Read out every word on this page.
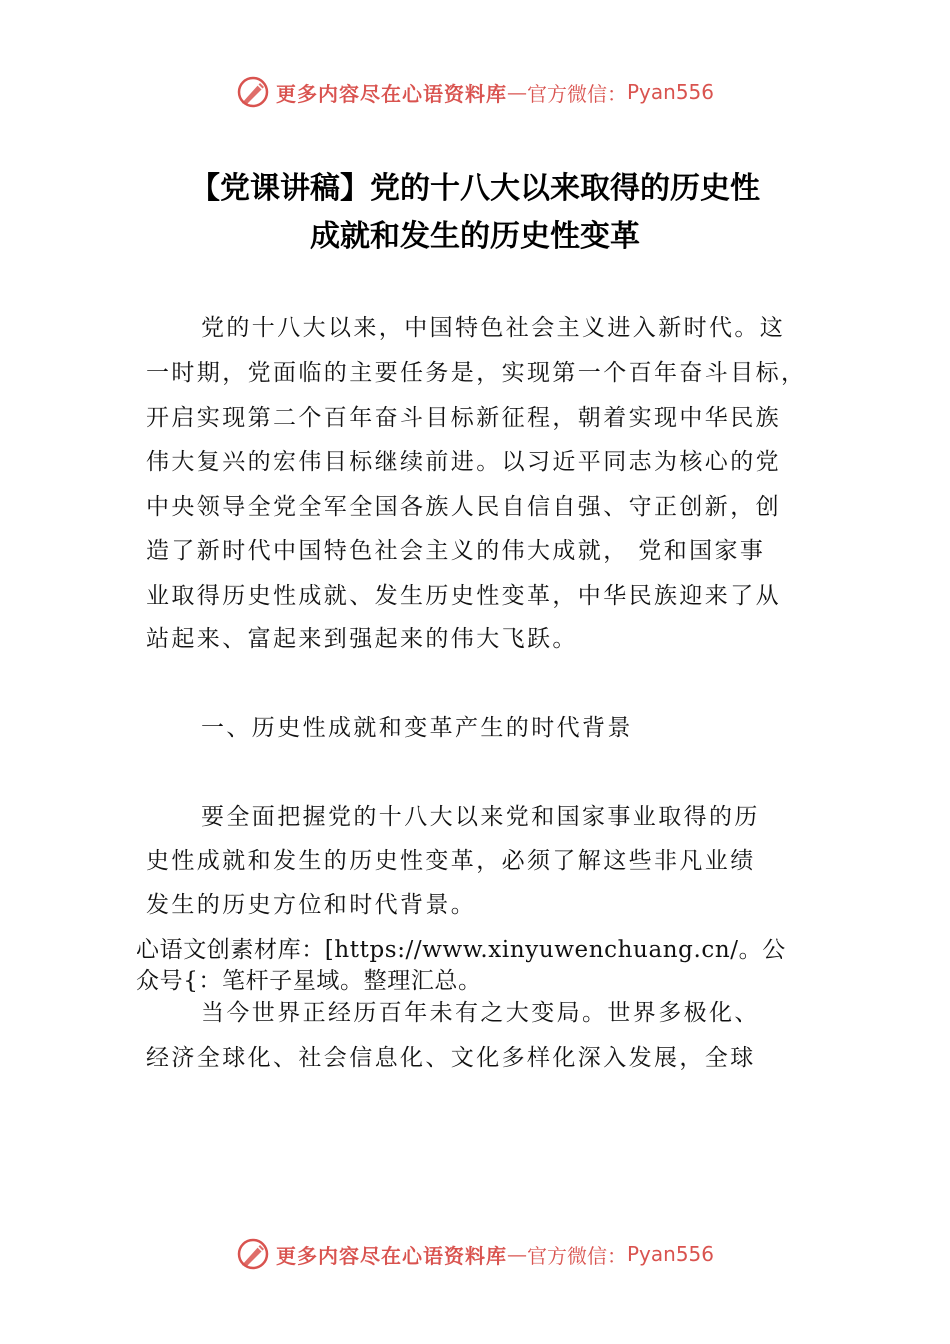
更多内容尽在心语资料库 — 官方微信： Pyan556
【党课讲稿】党的十八大以来取得的历史性
成就和发生的历史性变革
党的十八大以来，中国特色社会主义进入新时代。这
一时期，党面临的主要任务是，实现第一个百年奋斗目标，
开启实现第二个百年奋斗目标新征程，朝着实现中华民族
伟大复兴的宏伟目标继续前进。以习近平同志为核心的党
中央领导全党全军全国各族人民自信自强、守正创新，创
造了新时代中国特色社会主义的伟大成就， 党和国家事
业取得历史性成就、发生历史性变革，中华民族迎来了从
站起来、富起来到强起来的伟大飞跃。
一、历史性成就和变革产生的时代背景
要全面把握党的十八大以来党和国家事业取得的历
史性成就和发生的历史性变革，必须了解这些非凡业绩
发生的历史方位和时代背景。
心语文创素材库：[https://www.xinyuwenchuang.cn/。公
众号{：笔杆子星域。整理汇总。
当今世界正经历百年未有之大变局。世界多极化、
经济全球化、社会信息化、文化多样化深入发展，全球
更多内容尽在心语资料库 — 官方微信： Pyan556
